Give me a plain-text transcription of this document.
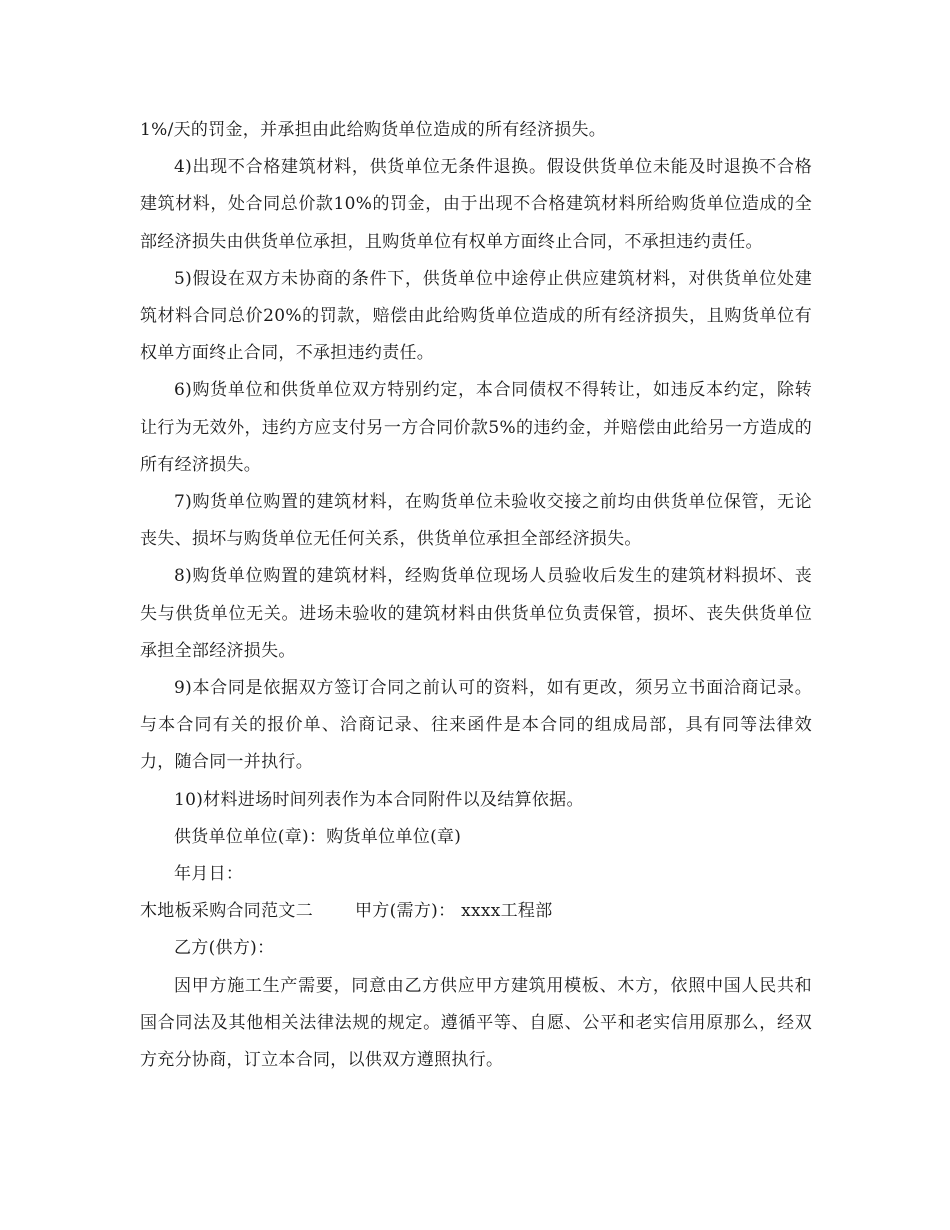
1%/天的罚金，并承担由此给购货单位造成的所有经济损失。

4)出现不合格建筑材料，供货单位无条件退换。假设供货单位未能及时退换不合格建筑材料，处合同总价款10%的罚金，由于出现不合格建筑材料所给购货单位造成的全部经济损失由供货单位承担，且购货单位有权单方面终止合同，不承担违约责任。

5)假设在双方未协商的条件下，供货单位中途停止供应建筑材料，对供货单位处建筑材料合同总价20%的罚款，赔偿由此给购货单位造成的所有经济损失，且购货单位有权单方面终止合同，不承担违约责任。

6)购货单位和供货单位双方特别约定，本合同债权不得转让，如违反本约定，除转让行为无效外，违约方应支付另一方合同价款5%的违约金，并赔偿由此给另一方造成的所有经济损失。

7)购货单位购置的建筑材料，在购货单位未验收交接之前均由供货单位保管，无论丧失、损坏与购货单位无任何关系，供货单位承担全部经济损失。

8)购货单位购置的建筑材料，经购货单位现场人员验收后发生的建筑材料损坏、丧失与供货单位无关。进场未验收的建筑材料由供货单位负责保管，损坏、丧失供货单位承担全部经济损失。

9)本合同是依据双方签订合同之前认可的资料，如有更改，须另立书面洽商记录。与本合同有关的报价单、洽商记录、往来函件是本合同的组成局部，具有同等法律效力，随合同一并执行。

10)材料进场时间列表作为本合同附件以及结算依据。

供货单位单位(章)：购货单位单位(章)

年月日：

木地板采购合同范文二 甲方(需方)： xxxx工程部

乙方(供方)：

因甲方施工生产需要，同意由乙方供应甲方建筑用模板、木方，依照中国人民共和国合同法及其他相关法律法规的规定。遵循平等、自愿、公平和老实信用原那么，经双方充分协商，订立本合同，以供双方遵照执行。
